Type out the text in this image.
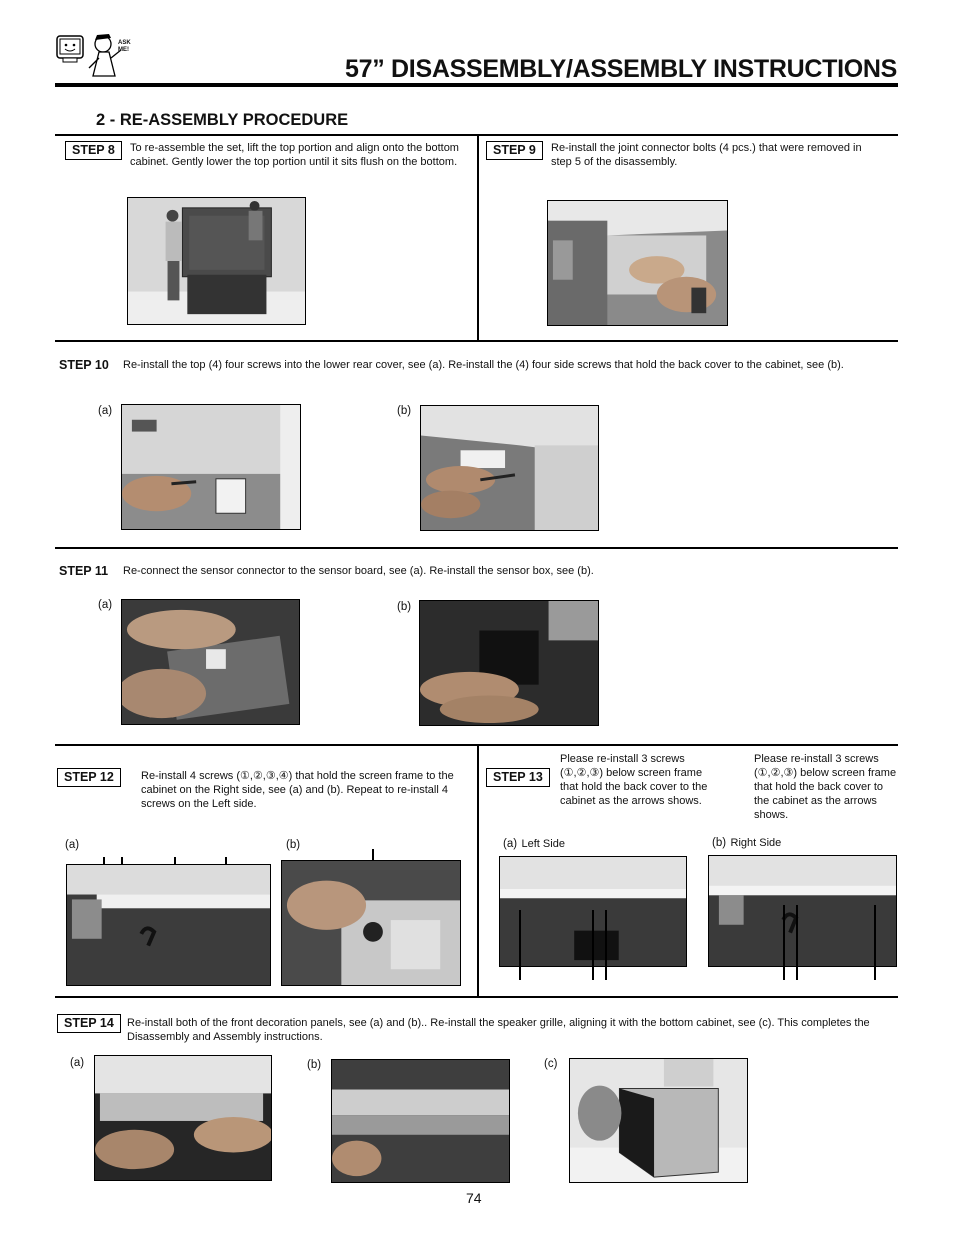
ASK ME!
57” DISASSEMBLY/ASSEMBLY INSTRUCTIONS
2 - RE-ASSEMBLY PROCEDURE
STEP 8	To re-assemble the set, lift the top portion and align onto the bottom cabinet. Gently lower the top portion until it sits flush on the bottom.
STEP 9	Re-install the joint connector bolts (4 pcs.) that were removed in step 5 of the disassembly.
STEP 10 Re-install the top (4) four screws into the lower rear cover, see (a). Re-install the (4) four side screws that hold the back cover to the cabinet, see (b).
(a)	(b)
STEP 11 Re-connect the sensor connector to the sensor board, see (a). Re-install the sensor box, see (b).
(a)	(b)
STEP 12	Re-install 4 screws (①,②,③,④) that hold the screen frame to the cabinet on the Right side, see (a) and (b). Repeat to re-install 4 screws on the Left side.
(a)	(b)
STEP 13
Please re-install 3 screws (①,②,③) below screen frame that hold the back cover to the cabinet as the arrows shows.
Please re-install 3 screws (①,②,③) below screen frame that hold the back cover to the cabinet as the arrows shows.
(a) Left Side	(b) Right Side
STEP 14	Re-install both of the front decoration panels, see (a) and (b).. Re-install the speaker grille, aligning it with the bottom cabinet, see (c). This completes the Disassembly and Assembly instructions.
(a)	(b)	(c)
74
